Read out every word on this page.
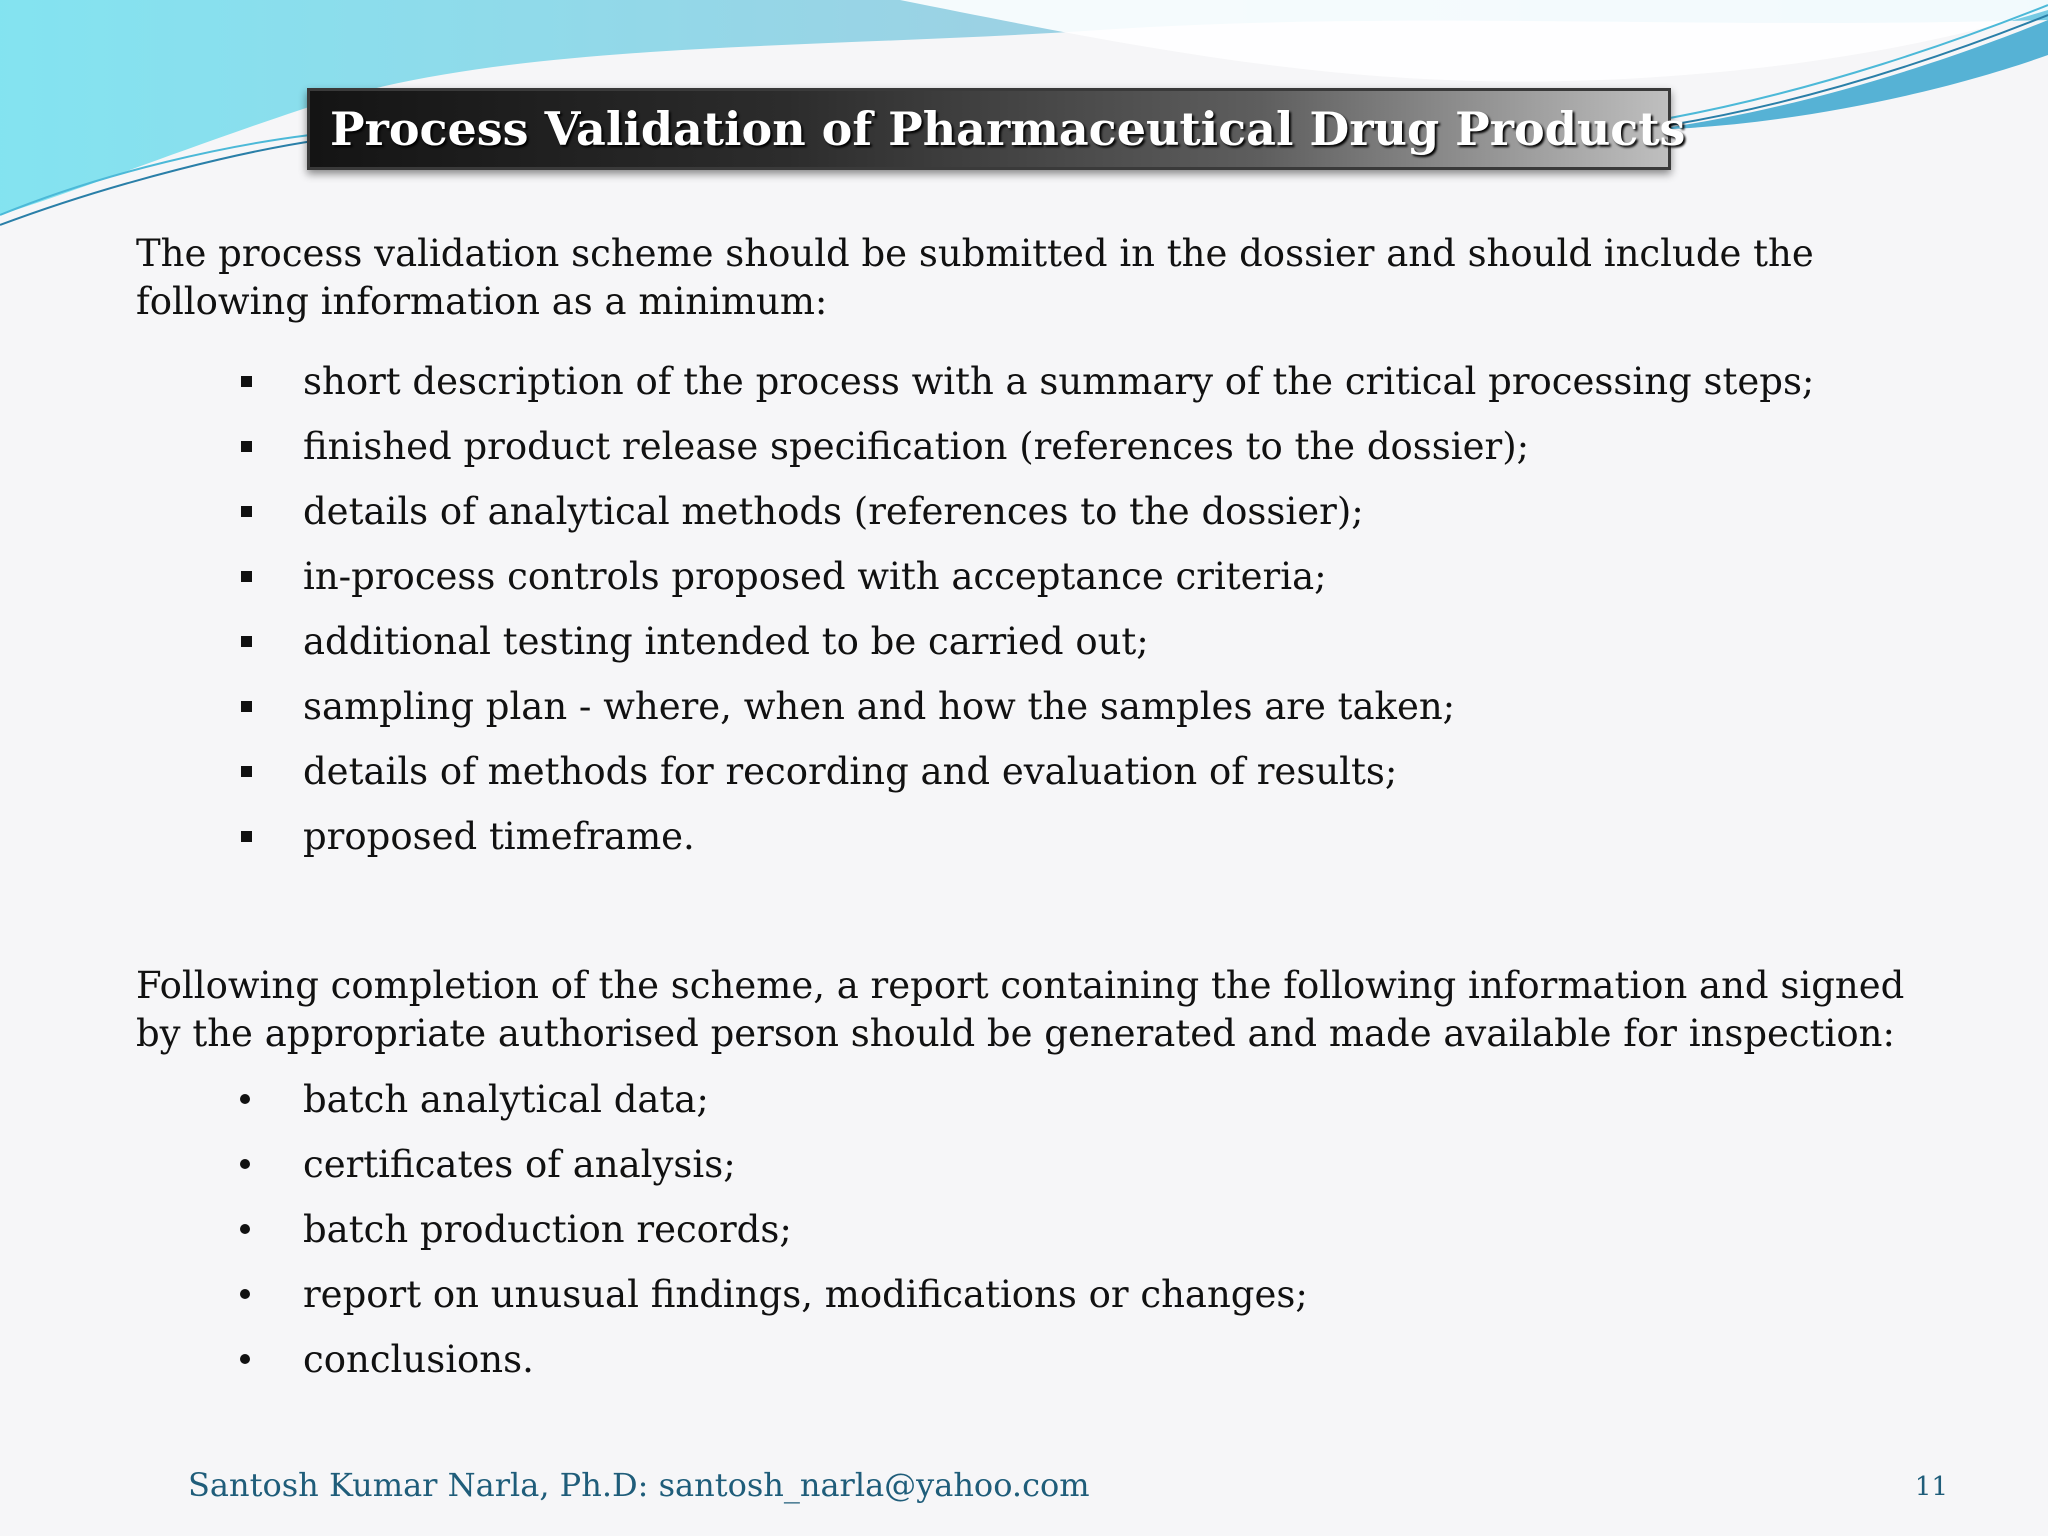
Process Validation of Pharmaceutical Drug Products

The process validation scheme should be submitted in the dossier and should include the following information as a minimum:

short description of the process with a summary of the critical processing steps;
finished product release specification (references to the dossier);
details of analytical methods (references to the dossier);
in-process controls proposed with acceptance criteria;
additional testing intended to be carried out;
sampling plan - where, when and how the samples are taken;
details of methods for recording and evaluation of results;
proposed timeframe.

Following completion of the scheme, a report containing the following information and signed by the appropriate authorised person should be generated and made available for inspection:

batch analytical data;
certificates of analysis;
batch production records;
report on unusual findings, modifications or changes;
conclusions.
Santosh Kumar Narla, Ph.D: santosh_narla@yahoo.com	11
